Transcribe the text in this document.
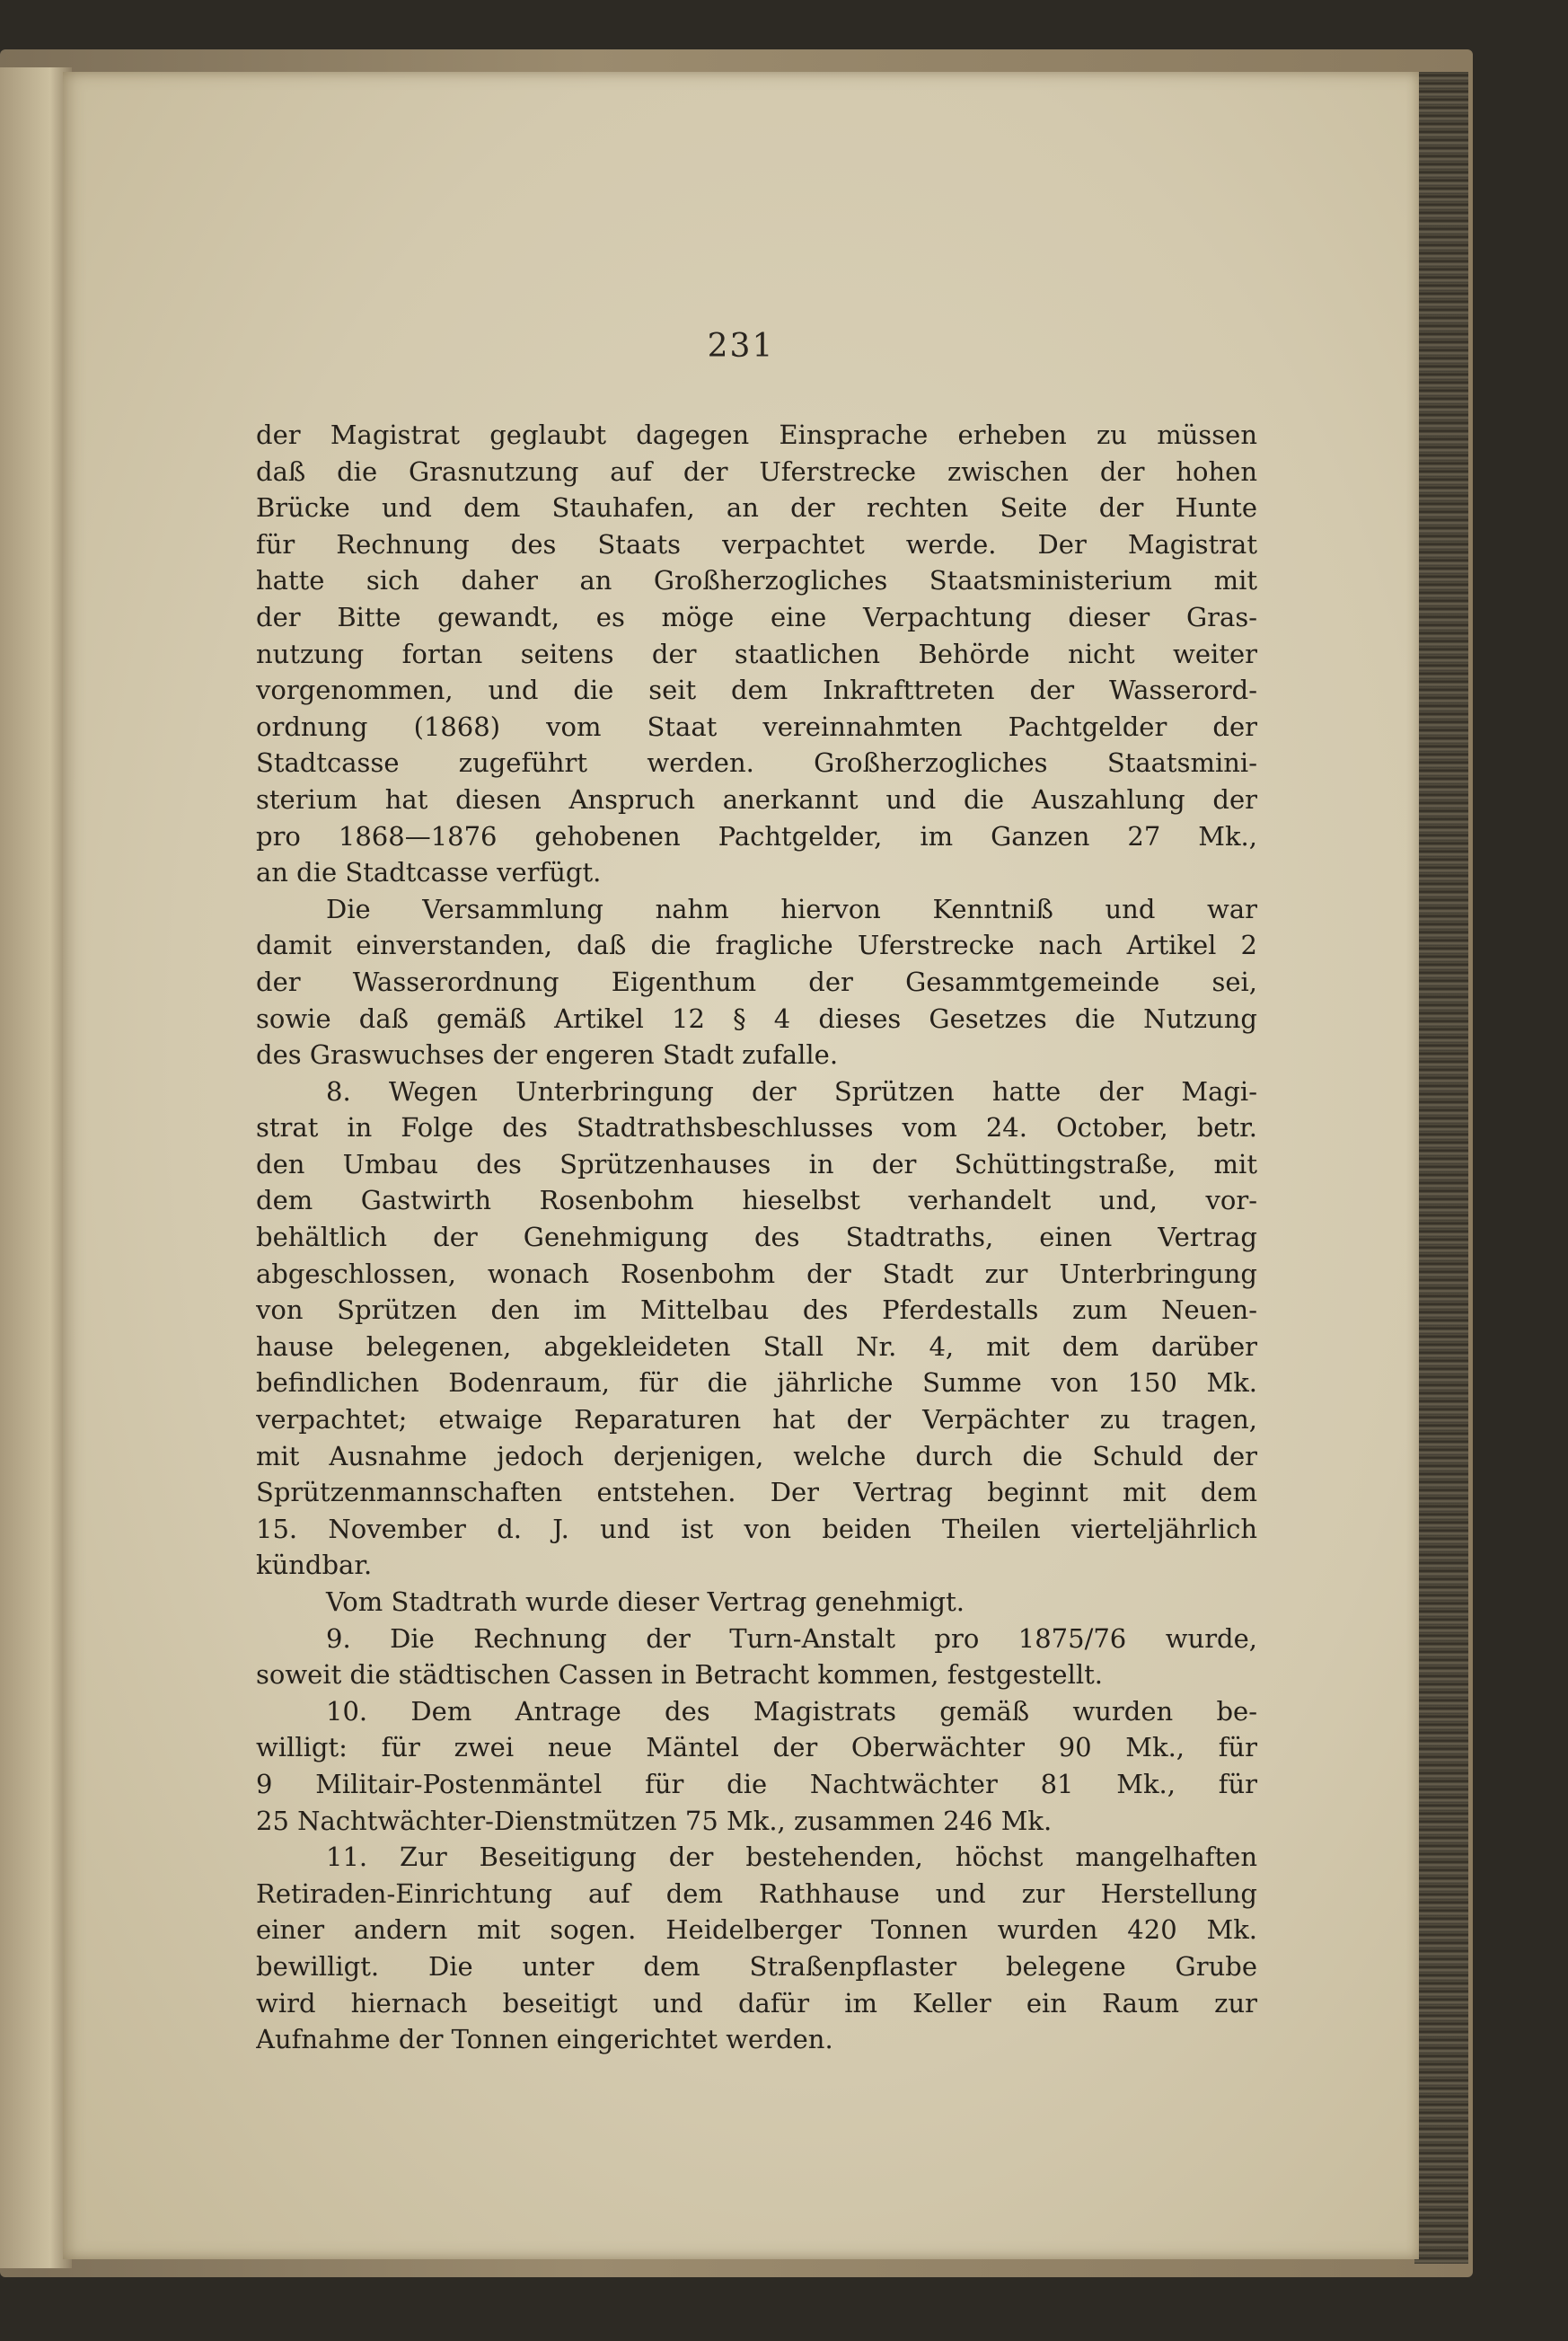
231
der Magistrat geglaubt dagegen Einsprache erheben zu müssen
daß die Grasnutzung auf der Uferstrecke zwischen der hohen
Brücke und dem Stauhafen, an der rechten Seite der Hunte
für Rechnung des Staats verpachtet werde. Der Magistrat
hatte sich daher an Großherzogliches Staatsministerium mit
der Bitte gewandt, es möge eine Verpachtung dieser Gras-
nutzung fortan seitens der staatlichen Behörde nicht weiter
vorgenommen, und die seit dem Inkrafttreten der Wasserord-
ordnung (1868) vom Staat vereinnahmten Pachtgelder der
Stadtcasse zugeführt werden. Großherzogliches Staatsmini-
sterium hat diesen Anspruch anerkannt und die Auszahlung der
pro 1868—1876 gehobenen Pachtgelder, im Ganzen 27 Mk.,
an die Stadtcasse verfügt.
Die Versammlung nahm hiervon Kenntniß und war
damit einverstanden, daß die fragliche Uferstrecke nach Artikel 2
der Wasserordnung Eigenthum der Gesammtgemeinde sei,
sowie daß gemäß Artikel 12 § 4 dieses Gesetzes die Nutzung
des Graswuchses der engeren Stadt zufalle.
8. Wegen Unterbringung der Sprützen hatte der Magi-
strat in Folge des Stadtrathsbeschlusses vom 24. October, betr.
den Umbau des Sprützenhauses in der Schüttingstraße, mit
dem Gastwirth Rosenbohm hieselbst verhandelt und, vor-
behältlich der Genehmigung des Stadtraths, einen Vertrag
abgeschlossen, wonach Rosenbohm der Stadt zur Unterbringung
von Sprützen den im Mittelbau des Pferdestalls zum Neuen-
hause belegenen, abgekleideten Stall Nr. 4, mit dem darüber
befindlichen Bodenraum, für die jährliche Summe von 150 Mk.
verpachtet; etwaige Reparaturen hat der Verpächter zu tragen,
mit Ausnahme jedoch derjenigen, welche durch die Schuld der
Sprützenmannschaften entstehen. Der Vertrag beginnt mit dem
15. November d. J. und ist von beiden Theilen vierteljährlich
kündbar.
Vom Stadtrath wurde dieser Vertrag genehmigt.
9. Die Rechnung der Turn-Anstalt pro 1875/76 wurde,
soweit die städtischen Cassen in Betracht kommen, festgestellt.
10. Dem Antrage des Magistrats gemäß wurden be-
willigt: für zwei neue Mäntel der Oberwächter 90 Mk., für
9 Militair-Postenmäntel für die Nachtwächter 81 Mk., für
25 Nachtwächter-Dienstmützen 75 Mk., zusammen 246 Mk.
11. Zur Beseitigung der bestehenden, höchst mangelhaften
Retiraden-Einrichtung auf dem Rathhause und zur Herstellung
einer andern mit sogen. Heidelberger Tonnen wurden 420 Mk.
bewilligt. Die unter dem Straßenpflaster belegene Grube
wird hiernach beseitigt und dafür im Keller ein Raum zur
Aufnahme der Tonnen eingerichtet werden.
